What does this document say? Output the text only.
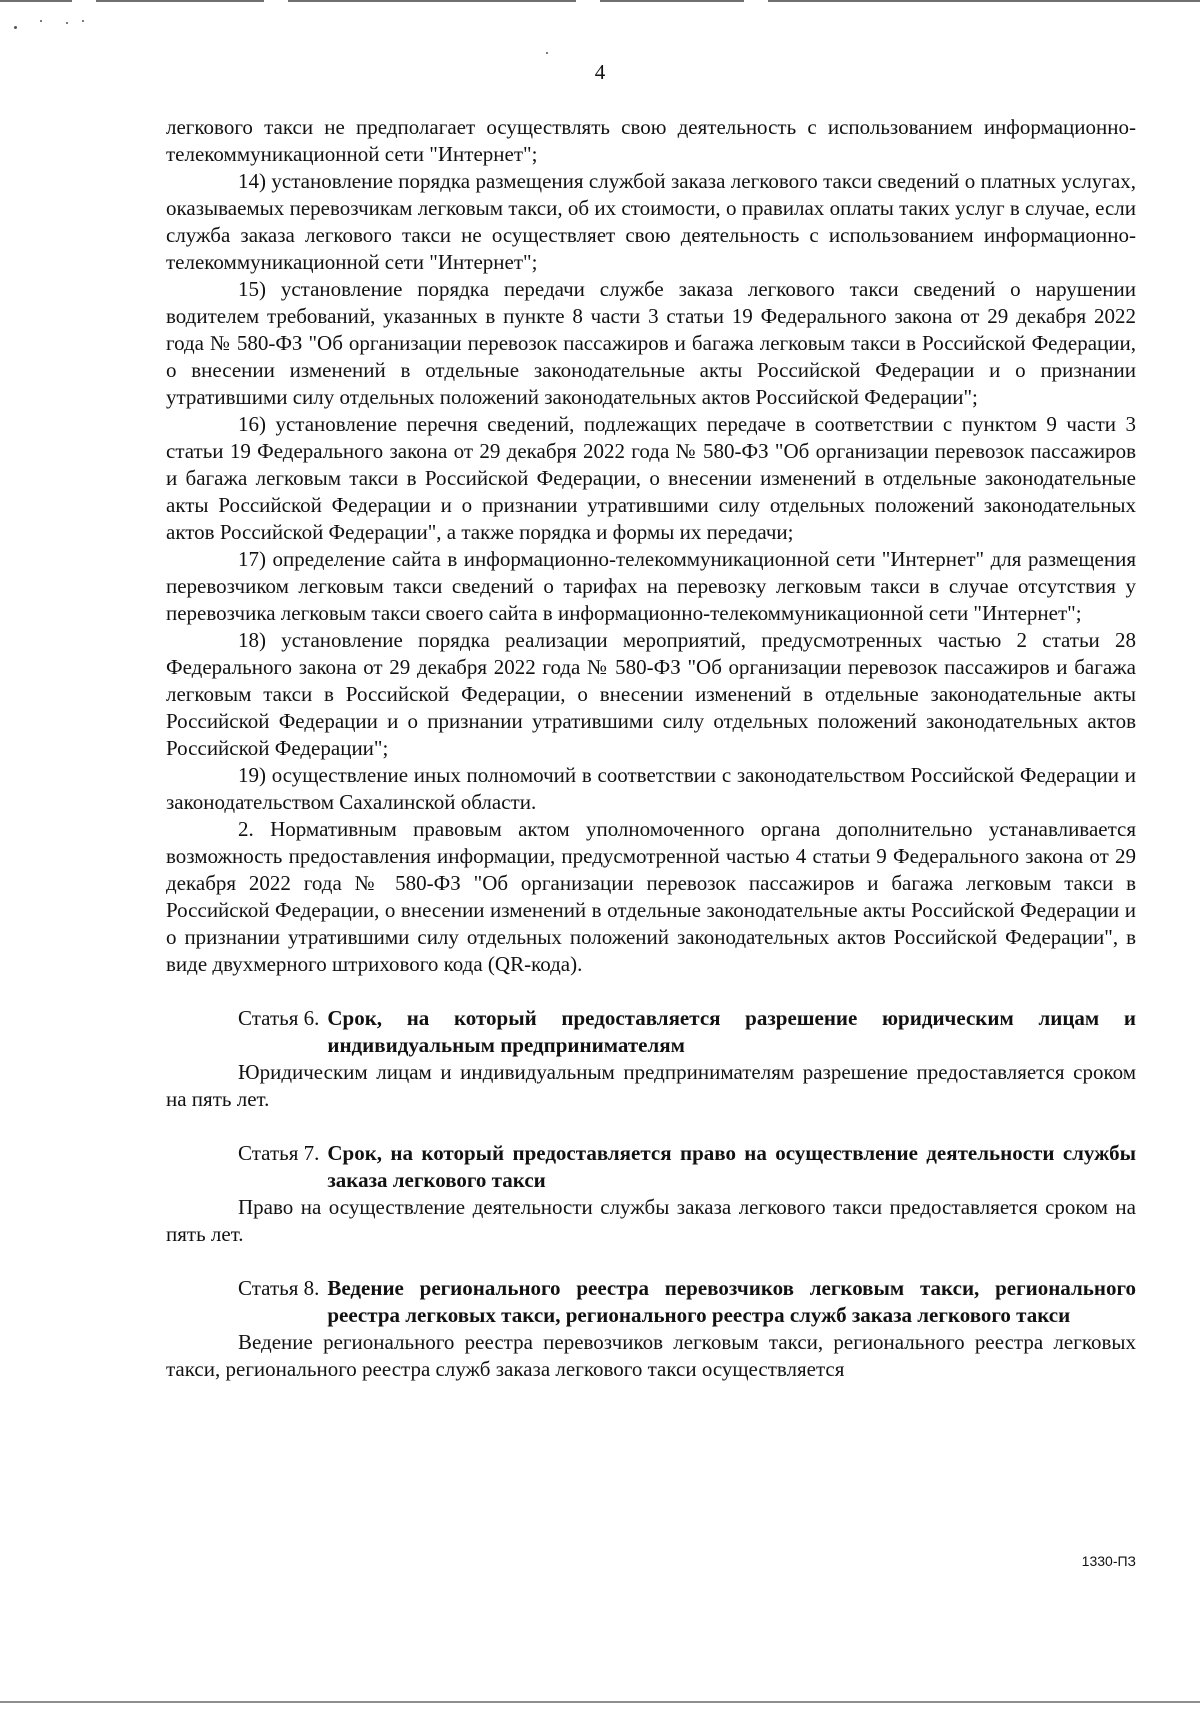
4

легкового такси не предполагает осуществлять свою деятельность с использованием информационно-телекоммуникационной сети "Интернет";

14) установление порядка размещения службой заказа легкового такси сведений о платных услугах, оказываемых перевозчикам легковым такси, об их стоимости, о правилах оплаты таких услуг в случае, если служба заказа легкового такси не осуществляет свою деятельность с использованием информационно-телекоммуникационной сети "Интернет";

15) установление порядка передачи службе заказа легкового такси сведений о нарушении водителем требований, указанных в пункте 8 части 3 статьи 19 Федерального закона от 29 декабря 2022 года № 580-ФЗ "Об организации перевозок пассажиров и багажа легковым такси в Российской Федерации, о внесении изменений в отдельные законодательные акты Российской Федерации и о признании утратившими силу отдельных положений законодательных актов Российской Федерации";

16) установление перечня сведений, подлежащих передаче в соответствии с пунктом 9 части 3 статьи 19 Федерального закона от 29 декабря 2022 года № 580-ФЗ "Об организации перевозок пассажиров и багажа легковым такси в Российской Федерации, о внесении изменений в отдельные законодательные акты Российской Федерации и о признании утратившими силу отдельных положений законодательных актов Российской Федерации", а также порядка и формы их передачи;

17) определение сайта в информационно-телекоммуникационной сети "Интернет" для размещения перевозчиком легковым такси сведений о тарифах на перевозку легковым такси в случае отсутствия у перевозчика легковым такси своего сайта в информационно-телекоммуникационной сети "Интернет";

18) установление порядка реализации мероприятий, предусмотренных частью 2 статьи 28 Федерального закона от 29 декабря 2022 года № 580-ФЗ "Об организации перевозок пассажиров и багажа легковым такси в Российской Федерации, о внесении изменений в отдельные законодательные акты Российской Федерации и о признании утратившими силу отдельных положений законодательных актов Российской Федерации";

19) осуществление иных полномочий в соответствии с законодательством Российской Федерации и законодательством Сахалинской области.

2. Нормативным правовым актом уполномоченного органа дополнительно устанавливается возможность предоставления информации, предусмотренной частью 4 статьи 9 Федерального закона от 29 декабря 2022 года № 580-ФЗ "Об организации перевозок пассажиров и багажа легковым такси в Российской Федерации, о внесении изменений в отдельные законодательные акты Российской Федерации и о признании утратившими силу отдельных положений законодательных актов Российской Федерации", в виде двухмерного штрихового кода (QR-кода).

Статья 6. Срок, на который предоставляется разрешение юридическим лицам и индивидуальным предпринимателям

Юридическим лицам и индивидуальным предпринимателям разрешение предоставляется сроком на пять лет.

Статья 7. Срок, на который предоставляется право на осуществление деятельности службы заказа легкового такси

Право на осуществление деятельности службы заказа легкового такси предоставляется сроком на пять лет.

Статья 8. Ведение регионального реестра перевозчиков легковым такси, регионального реестра легковых такси, регионального реестра служб заказа легкового такси

Ведение регионального реестра перевозчиков легковым такси, регионального реестра легковых такси, регионального реестра служб заказа легкового такси осуществляется

1330-ПЗ
